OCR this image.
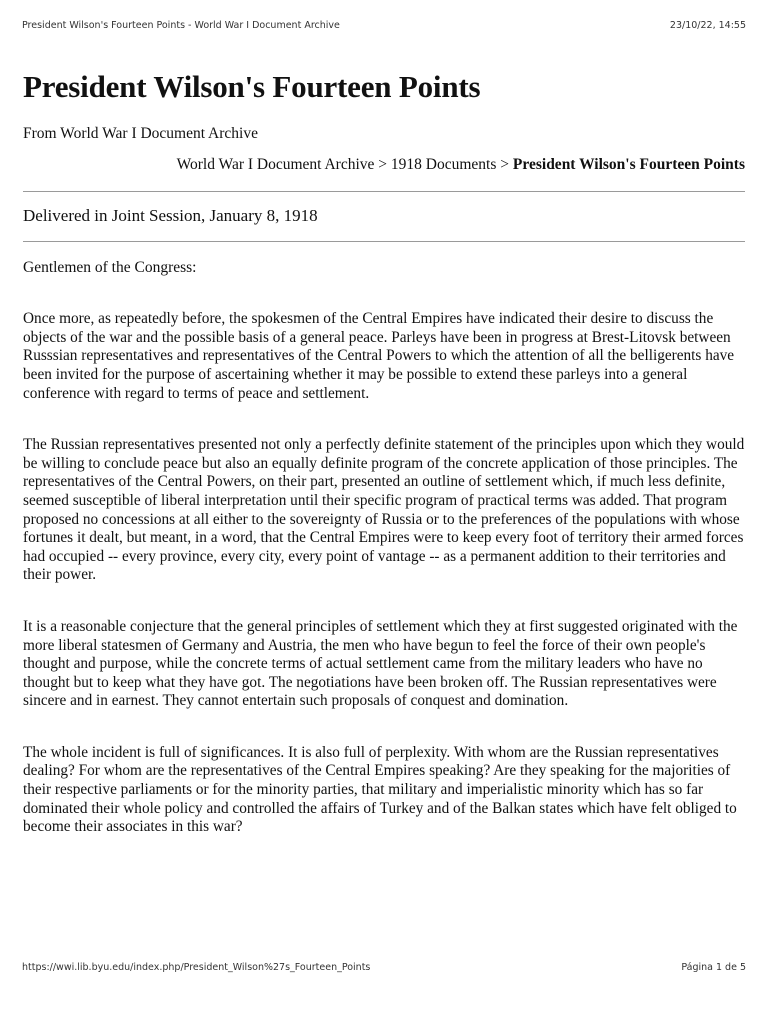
President Wilson's Fourteen Points - World War I Document Archive	23/10/22, 14:55
President Wilson's Fourteen Points
From World War I Document Archive
World War I Document Archive > 1918 Documents > President Wilson's Fourteen Points
Delivered in Joint Session, January 8, 1918
Gentlemen of the Congress:

Once more, as repeatedly before, the spokesmen of the Central Empires have indicated their desire to discuss the objects of the war and the possible basis of a general peace. Parleys have been in progress at Brest-Litovsk between Russsian representatives and representatives of the Central Powers to which the attention of all the belligerents have been invited for the purpose of ascertaining whether it may be possible to extend these parleys into a general conference with regard to terms of peace and settlement.

The Russian representatives presented not only a perfectly definite statement of the principles upon which they would be willing to conclude peace but also an equally definite program of the concrete application of those principles. The representatives of the Central Powers, on their part, presented an outline of settlement which, if much less definite, seemed susceptible of liberal interpretation until their specific program of practical terms was added. That program proposed no concessions at all either to the sovereignty of Russia or to the preferences of the populations with whose fortunes it dealt, but meant, in a word, that the Central Empires were to keep every foot of territory their armed forces had occupied -- every province, every city, every point of vantage -- as a permanent addition to their territories and their power.

It is a reasonable conjecture that the general principles of settlement which they at first suggested originated with the more liberal statesmen of Germany and Austria, the men who have begun to feel the force of their own people's thought and purpose, while the concrete terms of actual settlement came from the military leaders who have no thought but to keep what they have got. The negotiations have been broken off. The Russian representatives were sincere and in earnest. They cannot entertain such proposals of conquest and domination.

The whole incident is full of significances. It is also full of perplexity. With whom are the Russian representatives dealing? For whom are the representatives of the Central Empires speaking? Are they speaking for the majorities of their respective parliaments or for the minority parties, that military and imperialistic minority which has so far dominated their whole policy and controlled the affairs of Turkey and of the Balkan states which have felt obliged to become their associates in this war?

https://wwi.lib.byu.edu/index.php/President_Wilson%27s_Fourteen_Points	Página 1 de 5
